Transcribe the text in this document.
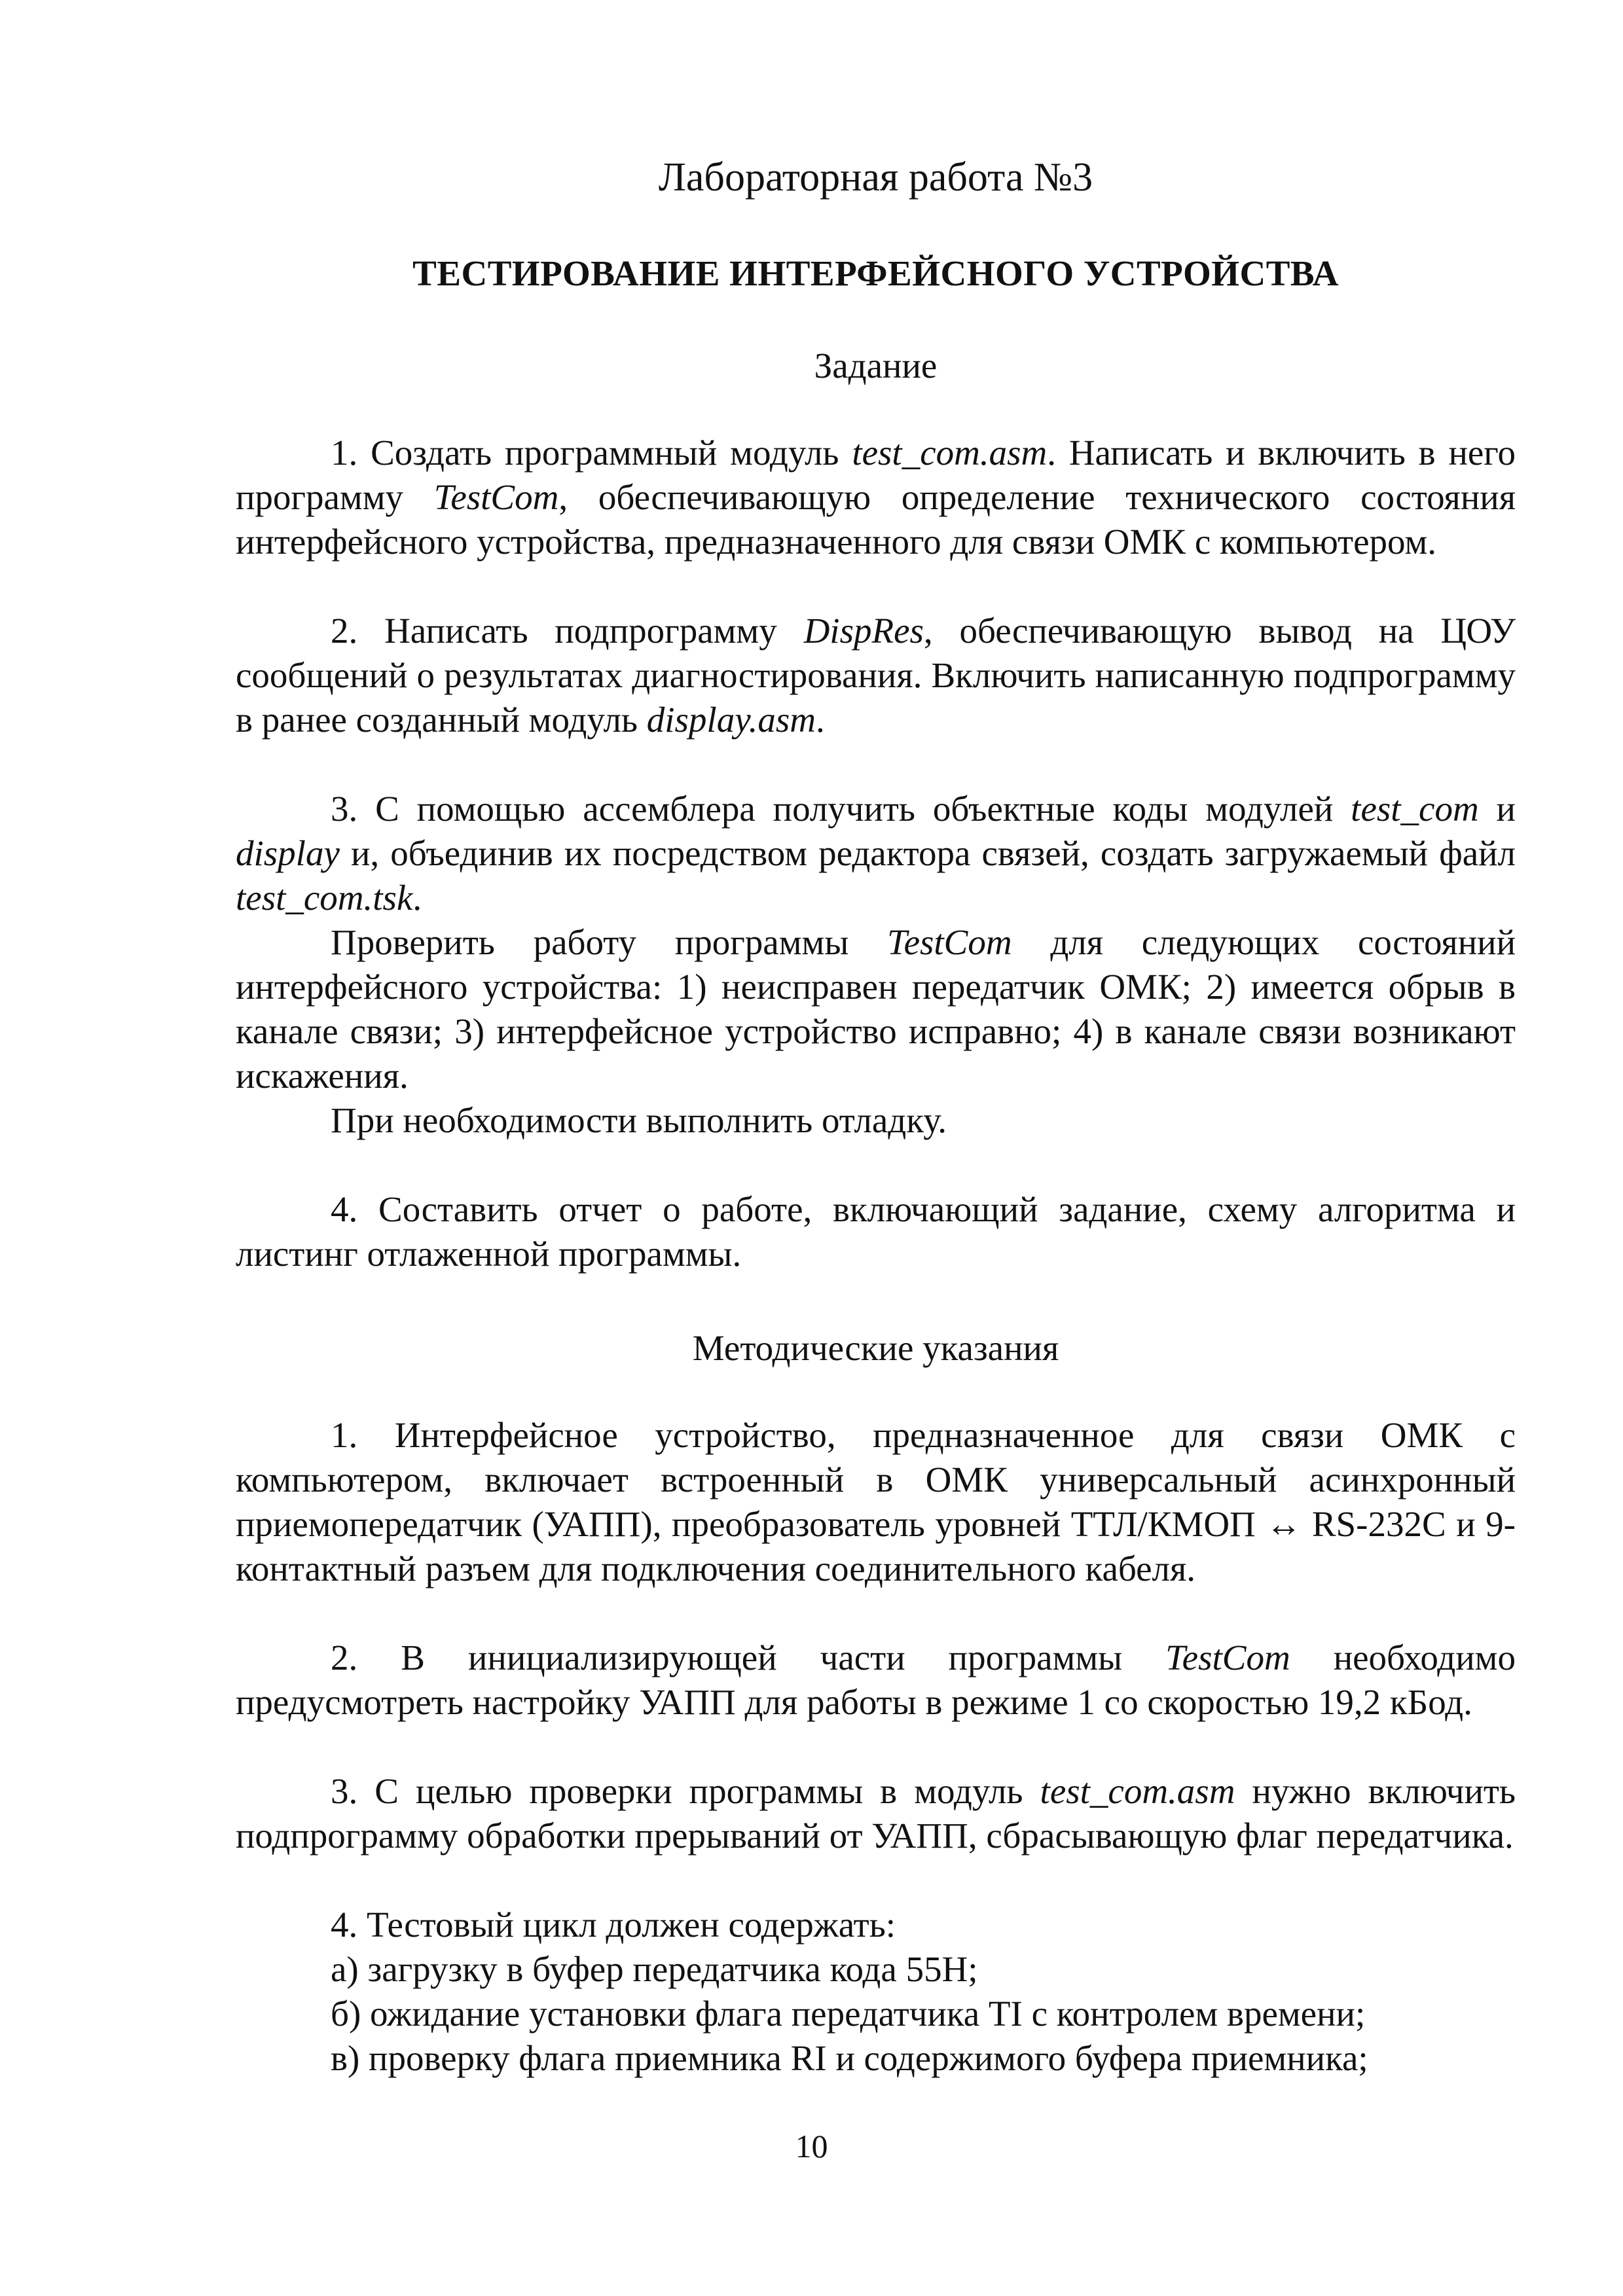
Лабораторная работа №3
ТЕСТИРОВАНИЕ ИНТЕРФЕЙСНОГО УСТРОЙСТВА
Задание

1. Создать программный модуль test_com.asm. Написать и включить в него программу TestCom, обеспечивающую определение технического состояния интерфейсного устройства, предназначенного для связи ОМК с компьютером.

2. Написать подпрограмму DispRes, обеспечивающую вывод на ЦОУ сообщений о результатах диагностирования. Включить написанную подпрограмму в ранее созданный модуль display.asm.

3. С помощью ассемблера получить объектные коды модулей test_com и display и, объединив их посредством редактора связей, создать загружаемый файл test_com.tsk.

Проверить работу программы TestCom для следующих состояний интерфейсного устройства: 1) неисправен передатчик ОМК; 2) имеется обрыв в канале связи; 3) интерфейсное устройство исправно; 4) в канале связи возникают искажения.

При необходимости выполнить отладку.

4. Составить отчет о работе, включающий задание, схему алгоритма и листинг отлаженной программы.

Методические указания

1. Интерфейсное устройство, предназначенное для связи ОМК с компьютером, включает встроенный в ОМК универсальный асинхронный приемопередатчик (УАПП), преобразователь уровней ТТЛ/КМОП ↔ RS-232C и 9-контактный разъем для подключения соединительного кабеля.

2. В инициализирующей части программы TestCom необходимо предусмотреть настройку УАПП для работы в режиме 1 со скоростью 19,2 кБод.

3. С целью проверки программы в модуль test_com.asm нужно включить подпрограмму обработки прерываний от УАПП, сбрасывающую флаг передатчика.

4. Тестовый цикл должен содержать:
а) загрузку в буфер передатчика кода 55H;
б) ожидание установки флага передатчика TI с контролем времени;
в) проверку флага приемника RI и содержимого буфера приемника;
10
